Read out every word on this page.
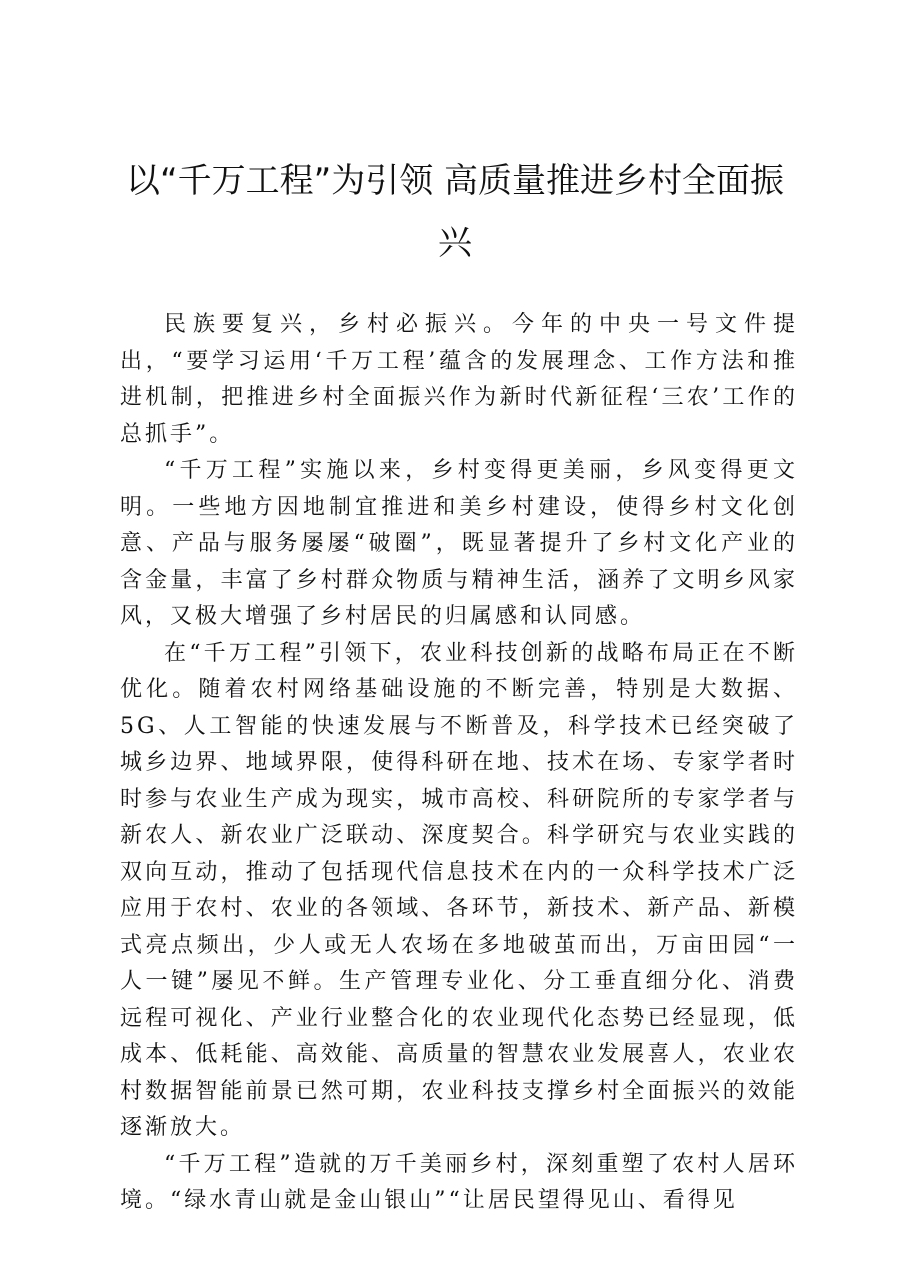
以“千万工程”为引领 高质量推进乡村全面振兴

民族要复兴，乡村必振兴。今年的中央一号文件提出，“要学习运用‘千万工程’蕴含的发展理念、工作方法和推进机制，把推进乡村全面振兴作为新时代新征程‘三农’工作的总抓手”。

“千万工程”实施以来，乡村变得更美丽，乡风变得更文明。一些地方因地制宜推进和美乡村建设，使得乡村文化创意、产品与服务屡屡“破圈”，既显著提升了乡村文化产业的含金量，丰富了乡村群众物质与精神生活，涵养了文明乡风家风，又极大增强了乡村居民的归属感和认同感。

在“千万工程”引领下，农业科技创新的战略布局正在不断优化。随着农村网络基础设施的不断完善，特别是大数据、5G、人工智能的快速发展与不断普及，科学技术已经突破了城乡边界、地域界限，使得科研在地、技术在场、专家学者时时参与农业生产成为现实，城市高校、科研院所的专家学者与新农人、新农业广泛联动、深度契合。科学研究与农业实践的双向互动，推动了包括现代信息技术在内的一众科学技术广泛应用于农村、农业的各领域、各环节，新技术、新产品、新模式亮点频出，少人或无人农场在多地破茧而出，万亩田园“一人一键”屡见不鲜。生产管理专业化、分工垂直细分化、消费远程可视化、产业行业整合化的农业现代化态势已经显现，低成本、低耗能、高效能、高质量的智慧农业发展喜人，农业农村数据智能前景已然可期，农业科技支撑乡村全面振兴的效能逐渐放大。

“千万工程”造就的万千美丽乡村，深刻重塑了农村人居环境。“绿水青山就是金山银山”“让居民望得见山、看得见
